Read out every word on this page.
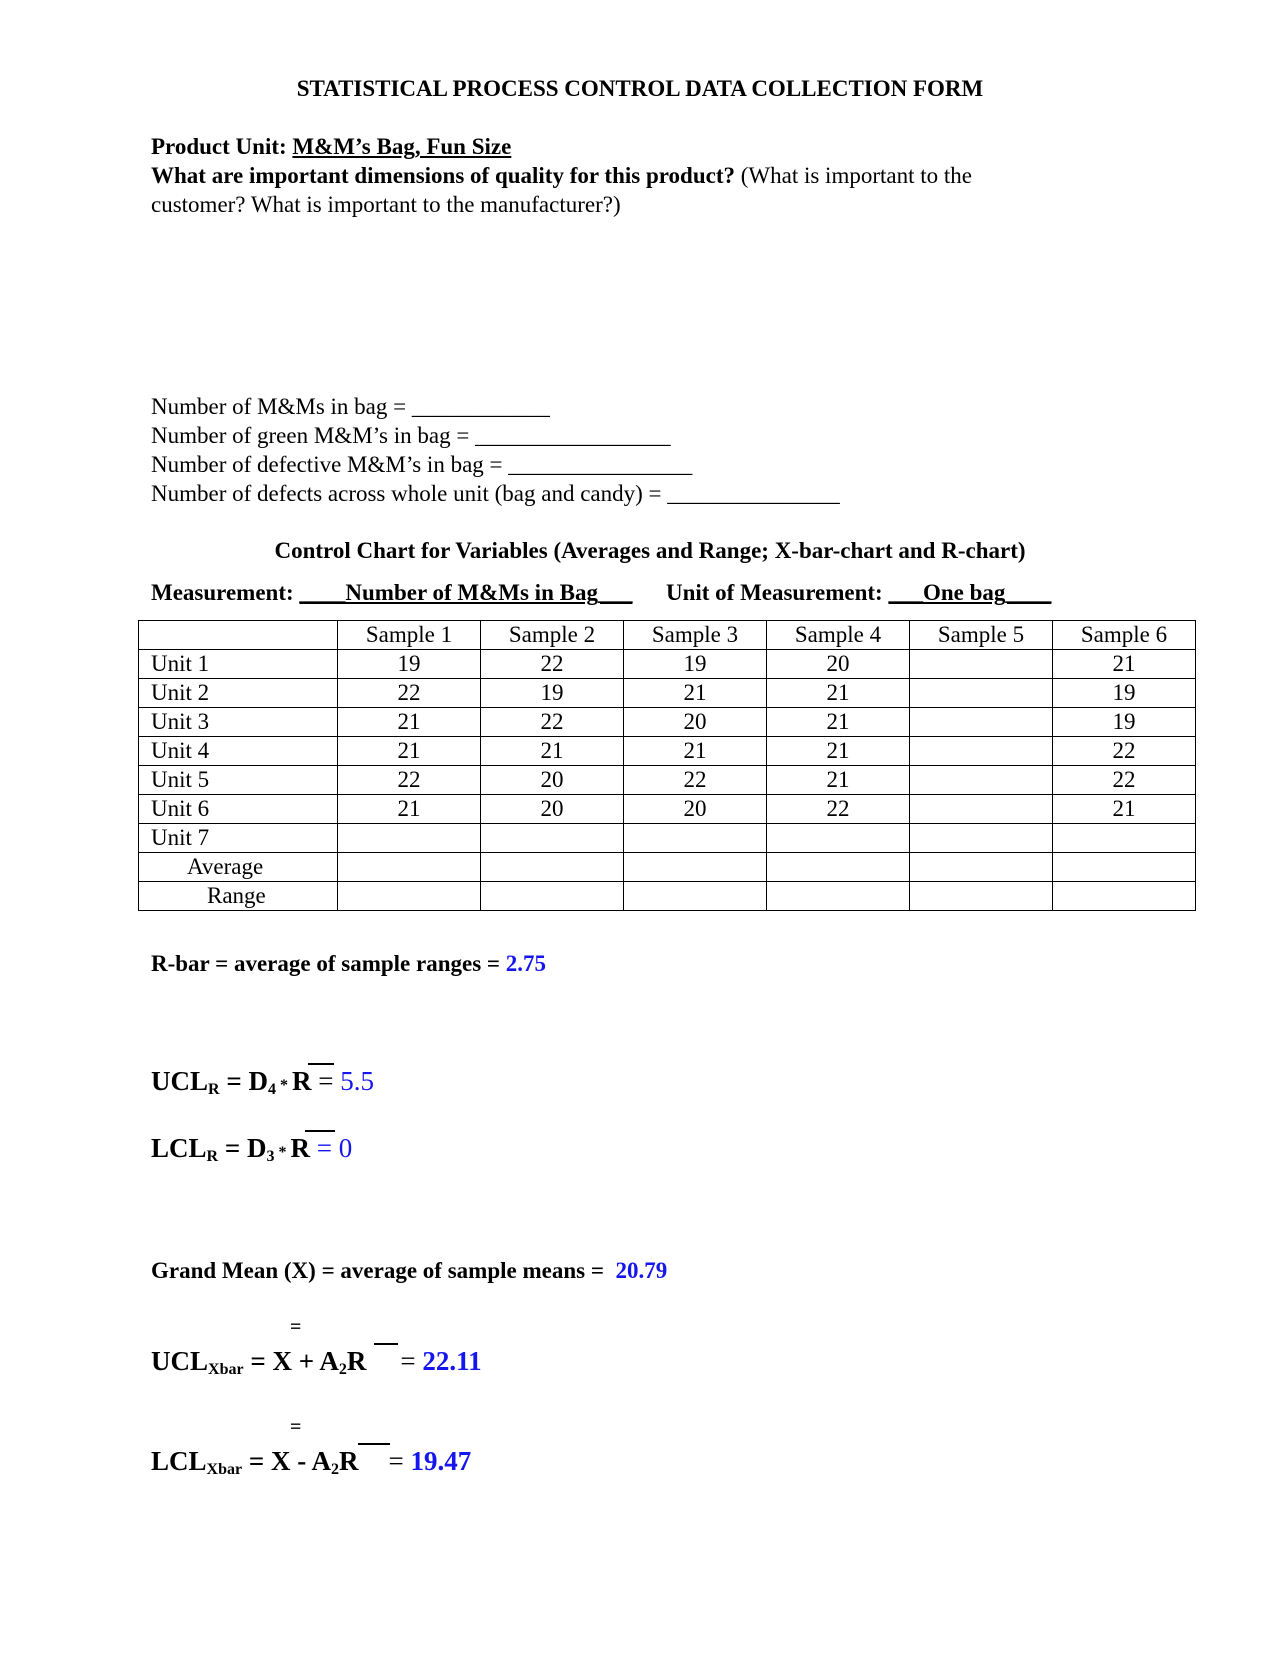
STATISTICAL PROCESS CONTROL DATA COLLECTION FORM
Product Unit: M&M’s Bag, Fun Size
What are important dimensions of quality for this product? (What is important to the
customer? What is important to the manufacturer?)
Number of M&Ms in bag = ____________
Number of green M&M’s in bag = _________________
Number of defective M&M’s in bag = ________________
Number of defects across whole unit (bag and candy) = _______________
Control Chart for Variables (Averages and Range; X-bar-chart and R-chart)
Measurement: ____Number of M&Ms in Bag___ Unit of Measurement: ___One bag____
	Sample 1	Sample 2	Sample 3	Sample 4	Sample 5	Sample 6
Unit 1	19	22	19	20		21
Unit 2	22	19	21	21		19
Unit 3	21	22	20	21		19
Unit 4	21	21	21	21		22
Unit 5	22	20	22	21		22
Unit 6	21	20	20	22		21
Unit 7						
Average						
Range						
R-bar = average of sample ranges = 2.75
$UCL_R = D_4 * R = 5.5$
$LCL_R = D_3 * R = 0$
Grand Mean (X) = average of sample means =  20.79
=
$UCL_{Xbar} = X + A_2R = 22.11$
=
$LCL_{Xbar} = X - A_2R = 19.47$
